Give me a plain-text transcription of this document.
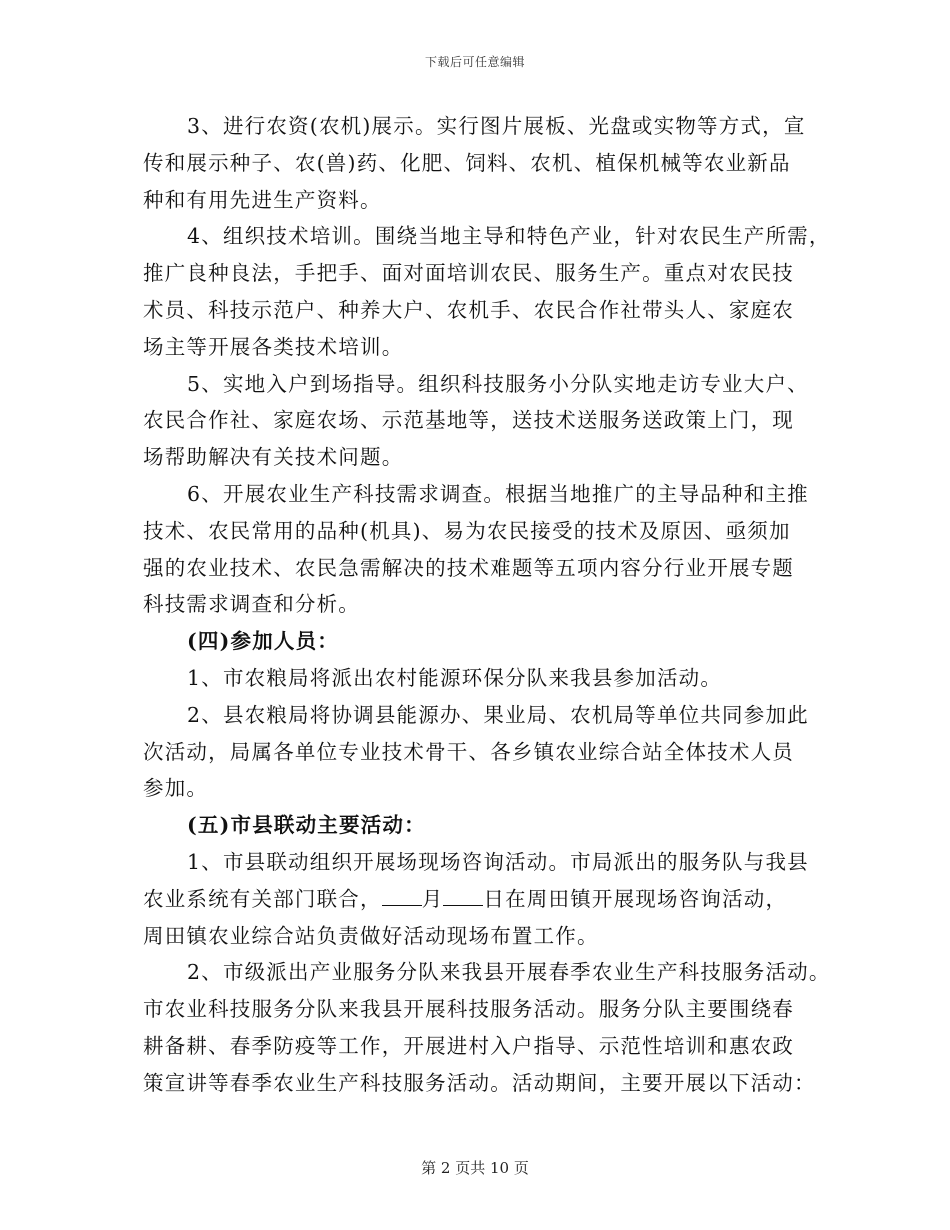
下载后可任意编辑
3、进行农资(农机)展示。实行图片展板、光盘或实物等方式，宣
传和展示种子、农(兽)药、化肥、饲料、农机、植保机械等农业新品
种和有用先进生产资料。
4、组织技术培训。围绕当地主导和特色产业，针对农民生产所需，
推广良种良法，手把手、面对面培训农民、服务生产。重点对农民技
术员、科技示范户、种养大户、农机手、农民合作社带头人、家庭农
场主等开展各类技术培训。
5、实地入户到场指导。组织科技服务小分队实地走访专业大户、
农民合作社、家庭农场、示范基地等，送技术送服务送政策上门，现
场帮助解决有关技术问题。
6、开展农业生产科技需求调查。根据当地推广的主导品种和主推
技术、农民常用的品种(机具)、易为农民接受的技术及原因、亟须加
强的农业技术、农民急需解决的技术难题等五项内容分行业开展专题
科技需求调查和分析。
(四)参加人员：
1、市农粮局将派出农村能源环保分队来我县参加活动。
2、县农粮局将协调县能源办、果业局、农机局等单位共同参加此
次活动，局属各单位专业技术骨干、各乡镇农业综合站全体技术人员
参加。
(五)市县联动主要活动：
1、市县联动组织开展场现场咨询活动。市局派出的服务队与我县
农业系统有关部门联合， 月 日在周田镇开展现场咨询活动，
周田镇农业综合站负责做好活动现场布置工作。
2、市级派出产业服务分队来我县开展春季农业生产科技服务活动。
市农业科技服务分队来我县开展科技服务活动。服务分队主要围绕春
耕备耕、春季防疫等工作，开展进村入户指导、示范性培训和惠农政
策宣讲等春季农业生产科技服务活动。活动期间，主要开展以下活动：
第 2 页共 10 页
